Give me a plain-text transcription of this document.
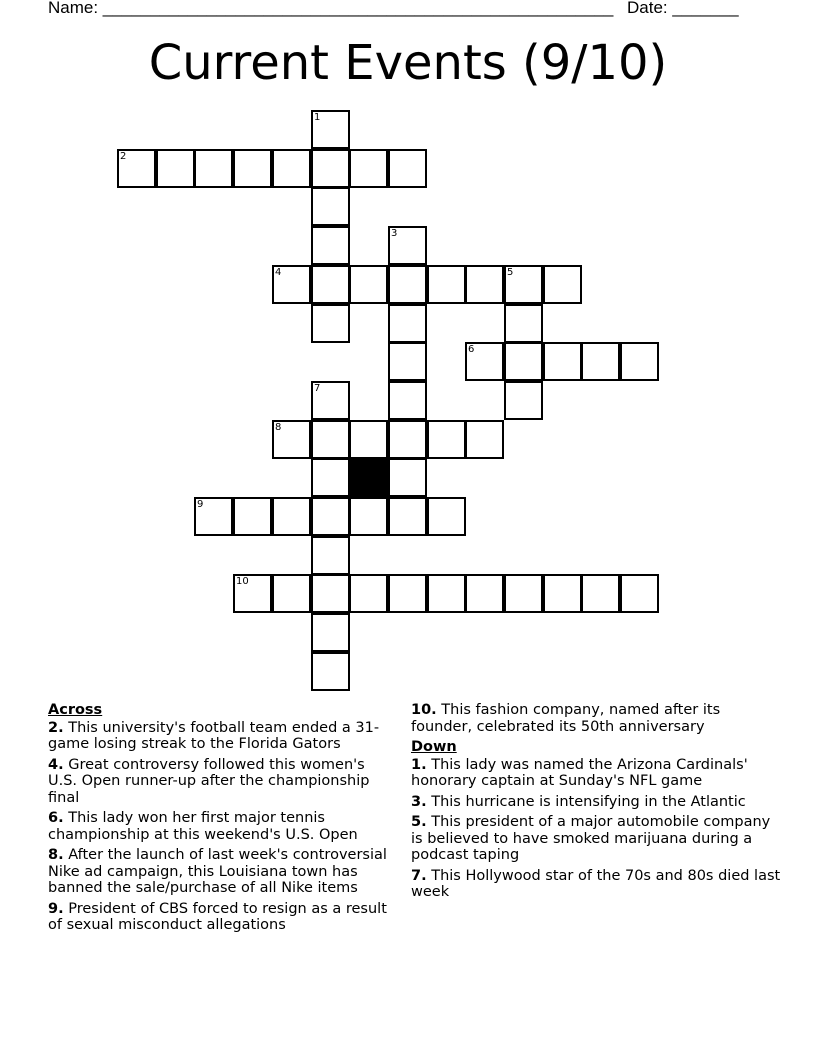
Name: ______________________________________________________ Date: _______
Current Events (9/10)
1
2
3
4	5
6
7
8
9
10
Across
2. This university's football team ended a 31-game losing streak to the Florida Gators
4. Great controversy followed this women's U.S. Open runner-up after the championship final
6. This lady won her first major tennis championship at this weekend's U.S. Open
8. After the launch of last week's controversial Nike ad campaign, this Louisiana town has banned the sale/purchase of all Nike items
9. President of CBS forced to resign as a result of sexual misconduct allegations
10. This fashion company, named after its founder, celebrated its 50th anniversary
Down
1. This lady was named the Arizona Cardinals' honorary captain at Sunday's NFL game
3. This hurricane is intensifying in the Atlantic
5. This president of a major automobile company is believed to have smoked marijuana during a podcast taping
7. This Hollywood star of the 70s and 80s died last week
